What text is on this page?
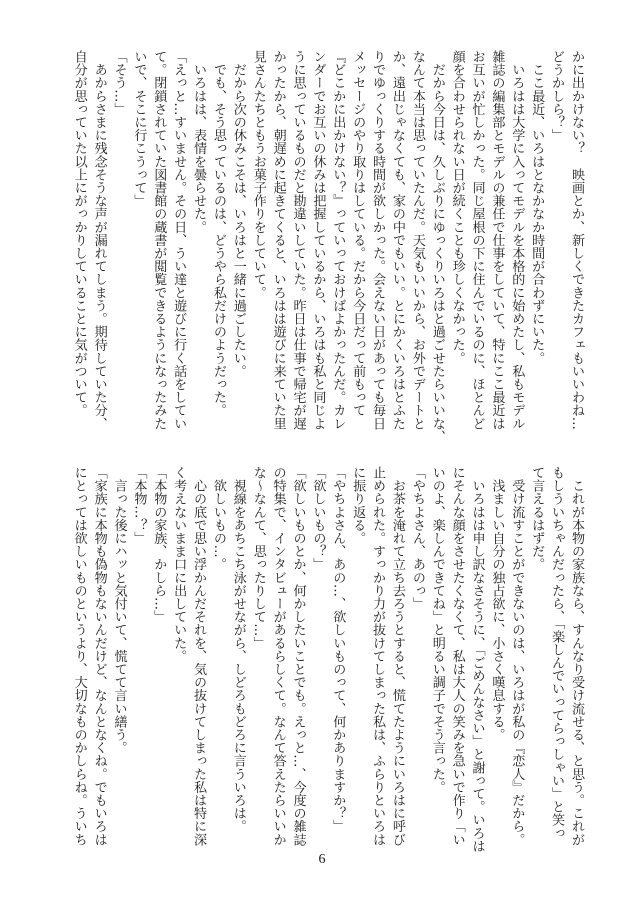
かに出かけない？　映画とか、新しくできたカフェもいいわね…
どうかしら？」
　ここ最近、いろはとなかなか時間が合わずにいた。
　いろはは大学に入ってモデルを本格的に始めたし、私もモデル
雑誌の編集部とモデルの兼任で仕事をしていて、特にここ最近は
お互いが忙しかった。同じ屋根の下に住んでいるのに、ほとんど
顔を合わせられない日が続くことも珍しくなかった。
　だから今日は、久しぶりにゆっくりいろはと過ごせたらいいな、
なんて本当は思っていたんだ。天気もいいから、お外でデートと
か、遠出じゃなくても、家の中でもいい。とにかくいろはとふた
りでゆっくりする時間が欲しかった。会えない日があっても毎日
メッセージのやり取りはしている。だから今日だって前もって
『どこかに出かけない？』っていっておけばよかったんだ。カレ
ンダーでお互いの休みは把握しているから、いろはも私と同じよ
うに思っているものだと勘違いしていた。昨日は仕事で帰宅が遅
かったから、朝遅めに起きてくると、いろはは遊びに来ていた里
見さんたちともうお菓子作りをしていて。
　だから次の休みこそは、いろはと一緒に過ごしたい。
　でも、そう思っているのは、どうやら私だけのようだった。
　いろはは、表情を曇らせた。
「えっと…すいません。その日、うい達と遊びに行く話をしてい
て。閉鎖されていた図書館の蔵書が閲覧できるようになったみた
いで、そこに行こうって」
「そう…」
　あからさまに残念そうな声が漏れてしまう。期待していた分、
自分が思っていた以上にがっかりしていることに気がついて。
　これが本物の家族なら、すんなり受け流せる、と思う。これが
もしういちゃんだったら、「楽しんでいってらっしゃい」と笑っ
て言えるはずだ。
　受け流すことができないのは、いろはが私の『恋人』だから。
　浅ましい自分の独占欲に、小さく嘆息する。
　いろはは申し訳なさそうに、「ごめんなさい」と謝って。いろは
にそんな顔をさせたくなくて、私は大人の笑みを急いで作り「い
いのよ、楽しんできてね」と明るい調子でそう言った。
「やちよさん、あのっ」
　お茶を淹れて立ち去ろうとすると、慌てたようにいろはに呼び
止められた。すっかり力が抜けてしまった私は、ふらりといろは
に振り返る。
「やちよさん、あの…、欲しいものって、何かありますか？」
「欲しいもの？」
「欲しいものとか、何かしたいことでも。えっと…、今度の雑誌
の特集で、インタビューがあるらしくて。なんて答えたらいいか
な～なんて、思ったりして…」
　視線をあちこち泳がせながら、しどろもどろに言ういろは。
　欲しいもの…。
　心の底で思い浮かんだそれを、気の抜けてしまった私は特に深
く考えないまま口に出していた。
「本物の家族、かしら…」
「本物…？」
　言った後にハッと気付いて、慌てて言い繕う。
「家族に本物も偽物もないんだけど、なんとなくね。でもいろは
にとっては欲しいものというより、大切なものかしらね。ういち
6
